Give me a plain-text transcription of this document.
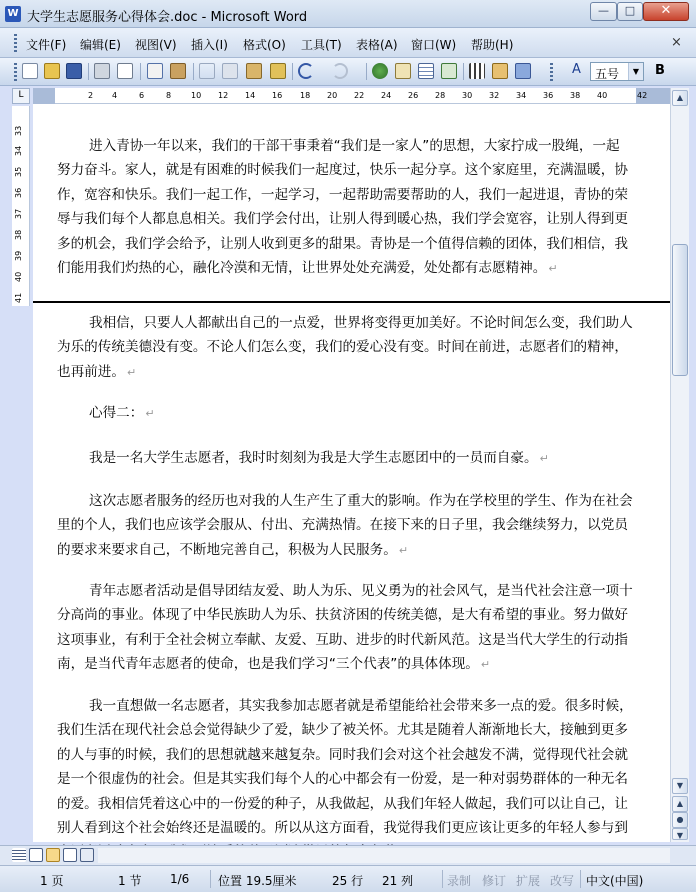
W 大学生志愿服务心得体会.doc - Microsoft Word	—	□	✕
文件(F) 编辑(E) 视图(V) 插入(I) 格式(O) 工具(T) 表格(A) 窗口(W) 帮助(H)	×
A 五号	▼	B
L	2 4	6	8 10 12 14 16 18 20 22 24 26 28 30 32 34 36 38 40	42
33
34
35
36
37
38
39
40
41
进入青协一年以来，我们的干部干事秉着“我们是一家人”的思想，大家拧成一股绳，一起努力奋斗。家人，就是有困难的时候我们一起度过，快乐一起分享。这个家庭里，充满温暖，协作，宽容和快乐。我们一起工作，一起学习，一起帮助需要帮助的人，我们一起进退，青协的荣辱与我们每个人都息息相关。我们学会付出，让别人得到暖心热，我们学会宽容，让别人得到更多的机会，我们学会给予，让别人收到更多的甜果。青协是一个值得信赖的团体，我们相信，我们能用我们灼热的心，融化冷漠和无情，让世界处处充满爱，处处都有志愿精神。 ↵
我相信，只要人人都献出自己的一点爱，世界将变得更加美好。不论时间怎么变，我们助人为乐的传统美德没有变。不论人们怎么变，我们的爱心没有变。时间在前进，志愿者们的精神，也再前进。 ↵
心得二： ↵
我是一名大学生志愿者，我时时刻刻为我是大学生志愿团中的一员而自豪。 ↵
这次志愿者服务的经历也对我的人生产生了重大的影响。作为在学校里的学生、作为在社会里的个人，我们也应该学会服从、付出、充满热情。在接下来的日子里，我会继续努力，以党员的要求来要求自己，不断地完善自己，积极为人民服务。 ↵
青年志愿者活动是倡导团结友爱、助人为乐、见义勇为的社会风气，是当代社会注意一项十分高尚的事业。体现了中华民族助人为乐、扶贫济困的传统美德，是大有希望的事业。努力做好这项事业，有利于全社会树立奉献、友爱、互助、进步的时代新风范。这是当代大学生的行动指南，是当代青年志愿者的使命，也是我们学习“三个代表”的具体体现。 ↵
我一直想做一名志愿者，其实我参加志愿者就是希望能给社会带来多一点的爱。很多时候，我们生活在现代社会总会觉得缺少了爱，缺少了被关怀。尤其是随着人渐渐地长大，接触到更多的人与事的时候，我们的思想就越来越复杂。同时我们会对这个社会越发不满，觉得现代社会就是一个很虚伪的社会。但是其实我们每个人的心中都会有一份爱，是一种对弱势群体的一种无名的爱。我相信凭着这心中的一份爱的种子，从我做起，从我们年轻人做起，我们可以让自己，让别人看到这个社会始终还是温暖的。所以从这方面看，我觉得我们更应该让更多的年轻人参与到
▲
▼
▲
●
▼
1 页	1 节 1/6 位置 19.5厘米	25 行 21 列	录制 修订 扩展 改写 中文(中国)
